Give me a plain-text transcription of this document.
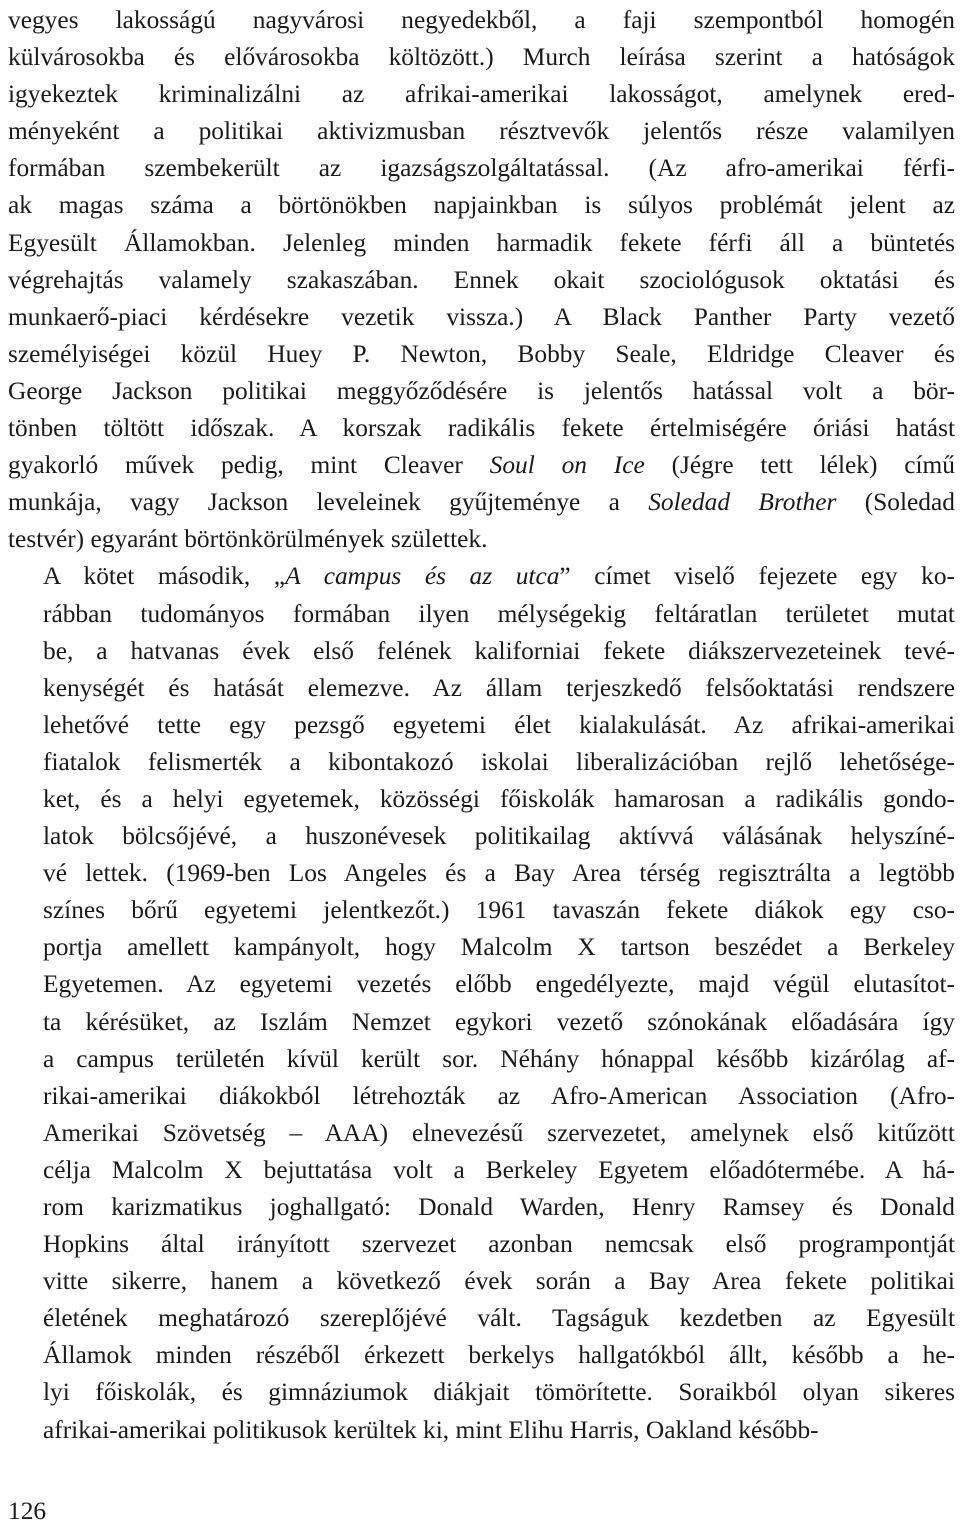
vegyes lakosságú nagyvárosi negyedekből, a faji szempontból homogén
külvárosokba és elővárosokba költözött.) Murch leírása szerint a hatóságok
igyekeztek kriminalizálni az afrikai-amerikai lakosságot, amelynek ered-
ményeként a politikai aktivizmusban résztvevők jelentős része valamilyen
formában szembekerült az igazságszolgáltatással. (Az afro-amerikai férfi-
ak magas száma a börtönökben napjainkban is súlyos problémát jelent az
Egyesült Államokban. Jelenleg minden harmadik fekete férfi áll a büntetés
végrehajtás valamely szakaszában. Ennek okait szociológusok oktatási és
munkaerő-piaci kérdésekre vezetik vissza.) A Black Panther Party vezető
személyiségei közül Huey P. Newton, Bobby Seale, Eldridge Cleaver és
George Jackson politikai meggyőződésére is jelentős hatással volt a bör-
tönben töltött időszak. A korszak radikális fekete értelmiségére óriási hatást
gyakorló művek pedig, mint Cleaver Soul on Ice (Jégre tett lélek) című
munkája, vagy Jackson leveleinek gyűjteménye a Soledad Brother (Soledad
testvér) egyaránt börtönkörülmények születtek.

A kötet második, „A campus és az utca” címet viselő fejezete egy ko-
rábban tudományos formában ilyen mélységekig feltáratlan területet mutat
be, a hatvanas évek első felének kaliforniai fekete diákszervezeteinek tevé-
kenységét és hatását elemezve. Az állam terjeszkedő felsőoktatási rendszere
lehetővé tette egy pezsgő egyetemi élet kialakulását. Az afrikai-amerikai
fiatalok felismerték a kibontakozó iskolai liberalizációban rejlő lehetősége-
ket, és a helyi egyetemek, közösségi főiskolák hamarosan a radikális gondo-
latok bölcsőjévé, a huszonévesek politikailag aktívvá válásának helyszíné-
vé lettek. (1969-ben Los Angeles és a Bay Area térség regisztrálta a legtöbb
színes bőrű egyetemi jelentkezőt.) 1961 tavaszán fekete diákok egy cso-
portja amellett kampányolt, hogy Malcolm X tartson beszédet a Berkeley
Egyetemen. Az egyetemi vezetés előbb engedélyezte, majd végül elutasítot-
ta kérésüket, az Iszlám Nemzet egykori vezető szónokának előadására így
a campus területén kívül került sor. Néhány hónappal később kizárólag af-
rikai-amerikai diákokból létrehozták az Afro-American Association (Afro-
Amerikai Szövetség – AAA) elnevezésű szervezetet, amelynek első kitűzött
célja Malcolm X bejuttatása volt a Berkeley Egyetem előadótermébe. A há-
rom karizmatikus joghallgató: Donald Warden, Henry Ramsey és Donald
Hopkins által irányított szervezet azonban nemcsak első programpontját
vitte sikerre, hanem a következő évek során a Bay Area fekete politikai
életének meghatározó szereplőjévé vált. Tagságuk kezdetben az Egyesült
Államok minden részéből érkezett berkelys hallgatókból állt, később a he-
lyi főiskolák, és gimnáziumok diákjait tömörítette. Soraikból olyan sikeres
afrikai-amerikai politikusok kerültek ki, mint Elihu Harris, Oakland később-

126
